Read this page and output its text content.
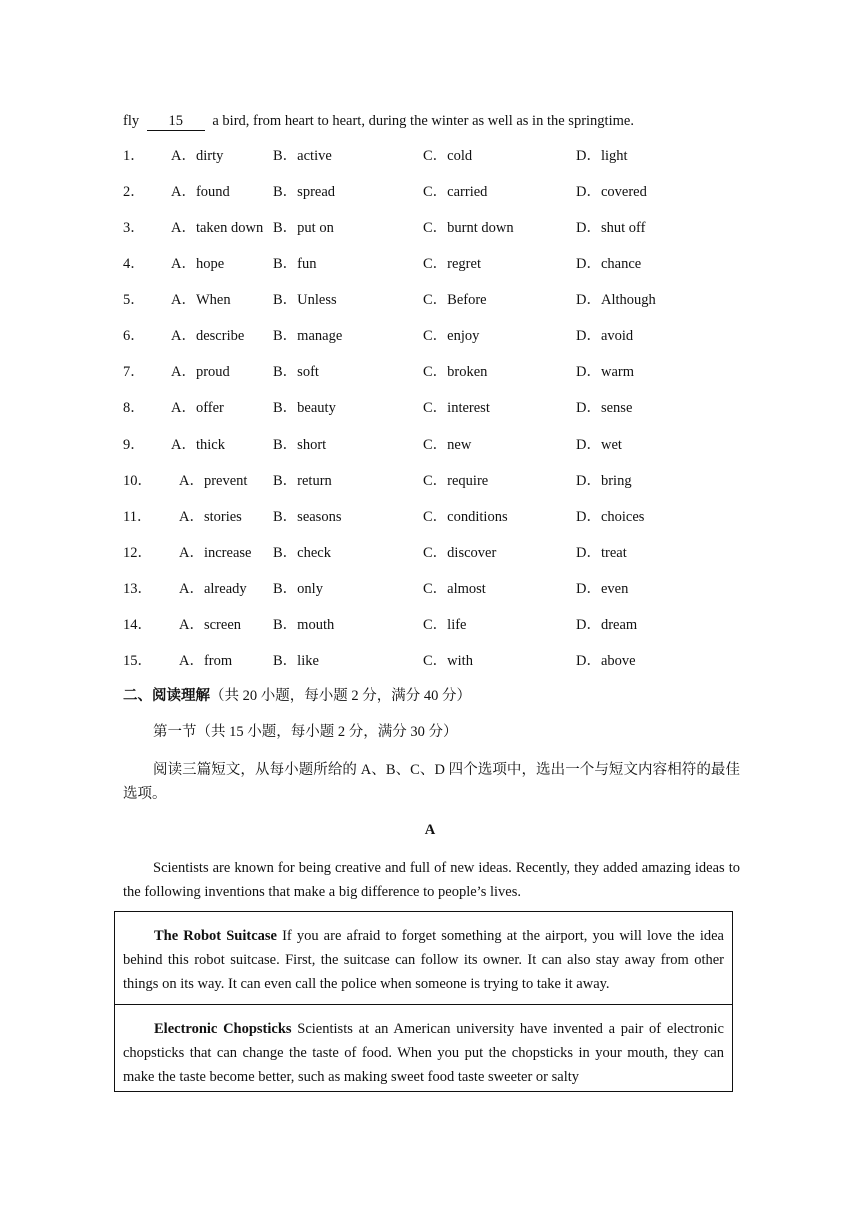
fly 15 a bird, from heart to heart, during the winter as well as in the springtime.
1． A．dirty	B．active	C．cold	D．light
2． A．found	B．spread	C．carried	D．covered
3． A．taken down B．put on	C．burnt down	D．shut off
4． A．hope	B．fun	C．regret	D．chance
5． A．When	B．Unless	C．Before	D．Although
6． A．describe B．manage	C．enjoy	D．avoid
7． A．proud	B．soft	C．broken	D．warm
8． A．offer	B．beauty	C．interest	D．sense
9． A．thick	B．short	C．new	D．wet
10． A．prevent B．return	C．require	D．bring
11． A．stories B．seasons	C．conditions	D．choices
12． A．increase B．check	C．discover	D．treat
13． A．already B．only	C．almost	D．even
14． A．screen B．mouth	C．life	D．dream
15． A．from	B．like	C．with	D．above
二、阅读理解（共 20 小题，每小题 2 分，满分 40 分）
第一节（共 15 小题，每小题 2 分，满分 30 分）
阅读三篇短文，从每小题所给的 A、B、C、D 四个选项中，选出一个与短文内容相符的最佳选项。
A
Scientists are known for being creative and full of new ideas. Recently, they added amazing ideas to the following inventions that make a big difference to people’s lives.
The Robot Suitcase If you are afraid to forget something at the airport, you will love the idea behind this robot suitcase. First, the suitcase can follow its owner. It can also stay away from other things on its way. It can even call the police when someone is trying to take it away.
Electronic Chopsticks Scientists at an American university have invented a pair of electronic chopsticks that can change the taste of food. When you put the chopsticks in your mouth, they can make the taste become better, such as making sweet food taste sweeter or salty
